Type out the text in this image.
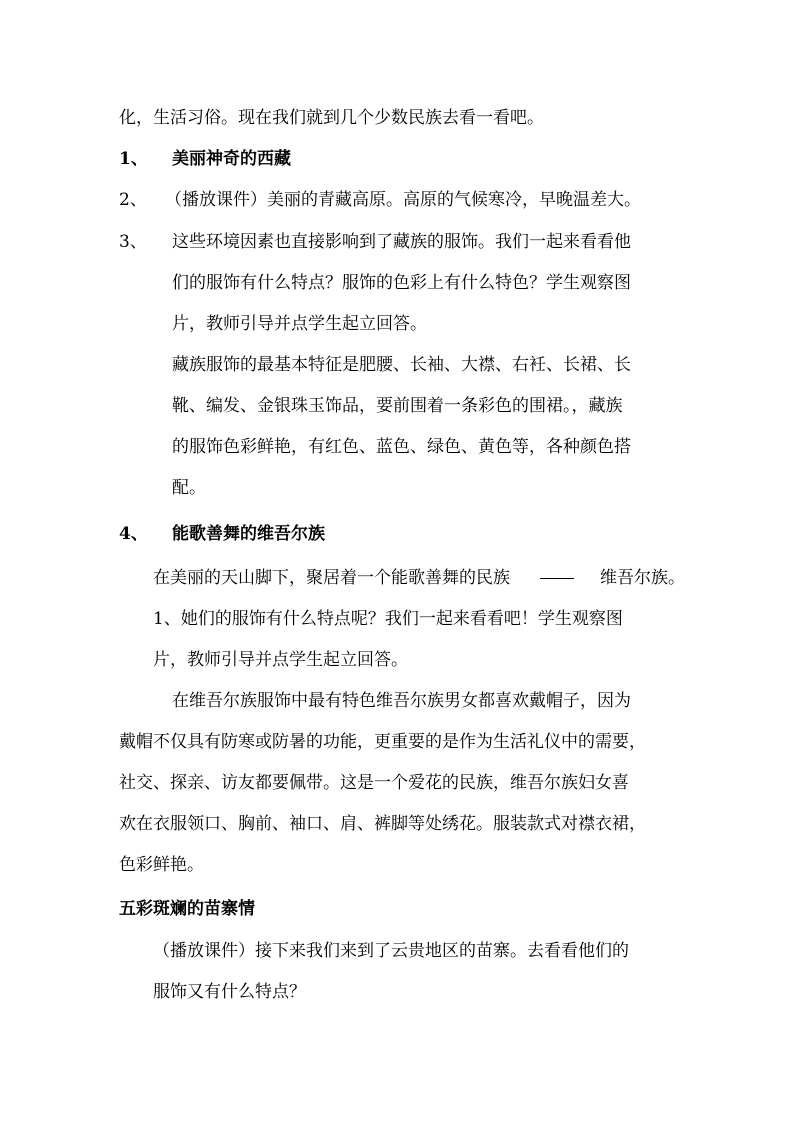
化，生活习俗。现在我们就到几个少数民族去看一看吧。
1、 美丽神奇的西藏
2、 （播放课件）美丽的青藏高原。高原的气候寒冷，早晚温差大。
3、 这些环境因素也直接影响到了藏族的服饰。我们一起来看看他
们的服饰有什么特点？服饰的色彩上有什么特色？学生观察图
片，教师引导并点学生起立回答。
藏族服饰的最基本特征是肥腰、长袖、大襟、右衽、长裙、长
靴、编发、金银珠玉饰品，要前围着一条彩色的围裙。，藏族
的服饰色彩鲜艳，有红色、蓝色、绿色、黄色等，各种颜色搭
配。
4、 能歌善舞的维吾尔族
在美丽的天山脚下，聚居着一个能歌善舞的民族	维吾尔族。
1、她们的服饰有什么特点呢？我们一起来看看吧！学生观察图
片，教师引导并点学生起立回答。
在维吾尔族服饰中最有特色维吾尔族男女都喜欢戴帽子，因为
戴帽不仅具有防寒或防暑的功能，更重要的是作为生活礼仪中的需要，
社交、探亲、访友都要佩带。这是一个爱花的民族，维吾尔族妇女喜
欢在衣服领口、胸前、袖口、肩、裤脚等处绣花。服装款式对襟衣裙，
色彩鲜艳。
五彩斑斓的苗寨情
（播放课件）接下来我们来到了云贵地区的苗寨。去看看他们的
服饰又有什么特点？
